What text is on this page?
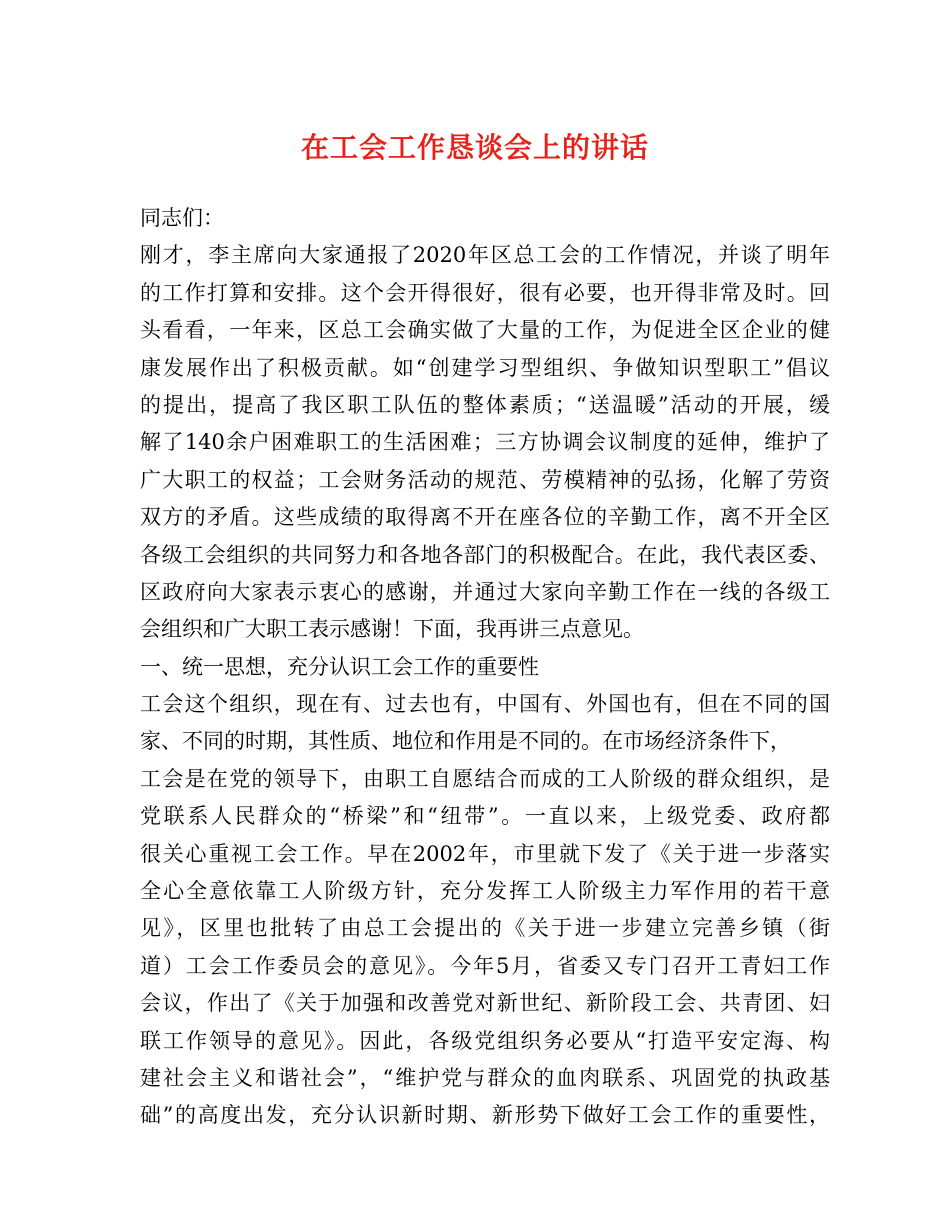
在工会工作恳谈会上的讲话
同志们：
刚才，李主席向大家通报了2020年区总工会的工作情况，并谈了明年
的工作打算和安排。这个会开得很好，很有必要，也开得非常及时。回
头看看，一年来，区总工会确实做了大量的工作，为促进全区企业的健
康发展作出了积极贡献。如“创建学习型组织、争做知识型职工”倡议
的提出，提高了我区职工队伍的整体素质；“送温暖”活动的开展，缓
解了140余户困难职工的生活困难；三方协调会议制度的延伸，维护了
广大职工的权益；工会财务活动的规范、劳模精神的弘扬，化解了劳资
双方的矛盾。这些成绩的取得离不开在座各位的辛勤工作，离不开全区
各级工会组织的共同努力和各地各部门的积极配合。在此，我代表区委、
区政府向大家表示衷心的感谢，并通过大家向辛勤工作在一线的各级工
会组织和广大职工表示感谢！下面，我再讲三点意见。
一、统一思想，充分认识工会工作的重要性
工会这个组织，现在有、过去也有，中国有、外国也有，但在不同的国
家、不同的时期，其性质、地位和作用是不同的。在市场经济条件下，
工会是在党的领导下，由职工自愿结合而成的工人阶级的群众组织，是
党联系人民群众的“桥梁”和“纽带”。一直以来，上级党委、政府都
很关心重视工会工作。早在2002年，市里就下发了《关于进一步落实
全心全意依靠工人阶级方针，充分发挥工人阶级主力军作用的若干意
见》，区里也批转了由总工会提出的《关于进一步建立完善乡镇（街
道）工会工作委员会的意见》。今年5月，省委又专门召开工青妇工作
会议，作出了《关于加强和改善党对新世纪、新阶段工会、共青团、妇
联工作领导的意见》。因此，各级党组织务必要从“打造平安定海、构
建社会主义和谐社会”，“维护党与群众的血肉联系、巩固党的执政基
础”的高度出发，充分认识新时期、新形势下做好工会工作的重要性，
